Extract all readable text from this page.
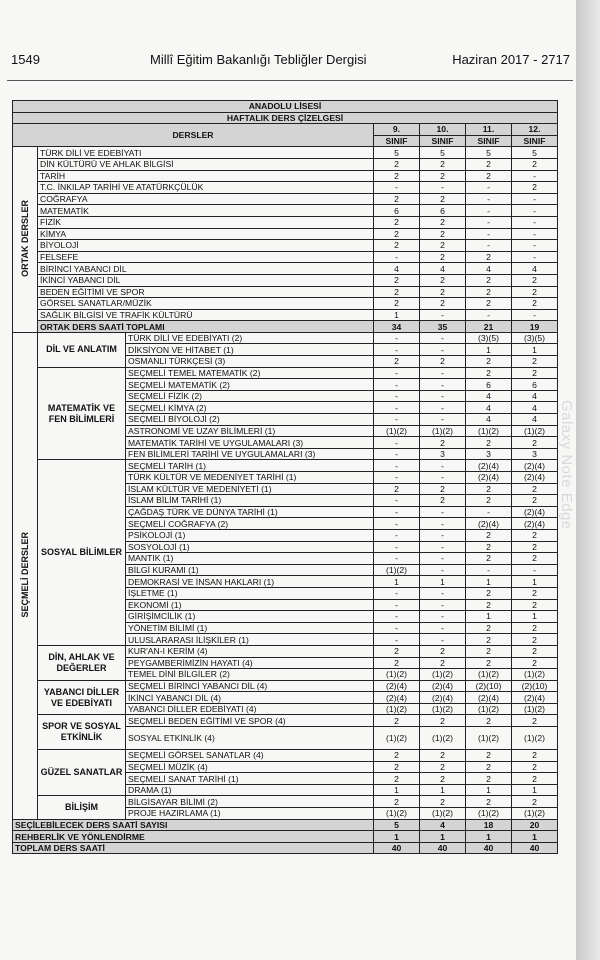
Galaxy Note Edge
1549	Millî Eğitim Bakanlığı Tebliğler Dergisi	Haziran 2017 - 2717
ANADOLU LİSESİ						
HAFTALIK DERS ÇİZELGESİ						
DERSLER			9.	10.	11.	12.
			SINIF	SINIF	SINIF	SINIF
ORTAK DERSLER	TÜRK DİLİ VE EDEBİYATI		5	5	5	5
	DİN KÜLTÜRÜ VE AHLAK BİLGİSİ		2	2	2	2
	TARİH		2	2	2	-
	T.C. İNKILAP TARİHİ VE ATATÜRKÇÜLÜK		-	-	-	2
	COĞRAFYA		2	2	-	-
	MATEMATİK		6	6	-	-
	FİZİK		2	2	-	-
	KİMYA		2	2	-	-
	BİYOLOJİ		2	2	-	-
	FELSEFE		-	2	2	-
	BİRİNCİ YABANCI DİL		4	4	4	4
	İKİNCİ YABANCI DİL		2	2	2	2
	BEDEN EĞİTİMİ VE SPOR		2	2	2	2
	GÖRSEL SANATLAR/MÜZİK		2	2	2	2
	SAĞLIK BİLGİSİ VE TRAFİK KÜLTÜRÜ		1	-	-	-
	ORTAK DERS SAATİ TOPLAMI		34	35	21	19
SEÇMELİ DERSLER	DİL VE ANLATIM	TÜRK DİLİ VE EDEBİYATI (2)	-	-	(3)(5)	(3)(5)
		DİKSİYON VE HİTABET (1)	-	-	1	1
		OSMANLI TÜRKÇESİ (3)	2	2	2	2
	MATEMATİK VE FEN BİLİMLERİ	SEÇMELİ TEMEL MATEMATİK (2)	-	-	2	2
		SEÇMELİ MATEMATİK (2)	-	-	6	6
		SEÇMELİ FİZİK (2)	-	-	4	4
		SEÇMELİ KİMYA (2)	-	-	4	4
		SEÇMELİ BİYOLOJİ (2)	-	-	4	4
		ASTRONOMİ VE UZAY BİLİMLERİ (1)	(1)(2)	(1)(2)	(1)(2)	(1)(2)
		MATEMATİK TARİHİ VE UYGULAMALARI (3)	-	2	2	2
		FEN BİLİMLERİ TARİHİ VE UYGULAMALARI (3)	-	3	3	3
	SOSYAL BİLİMLER	SEÇMELİ TARİH (1)	-	-	(2)(4)	(2)(4)
		TÜRK KÜLTÜR VE MEDENİYET TARİHİ (1)	-	-	(2)(4)	(2)(4)
		İSLAM KÜLTÜR VE MEDENİYETİ (1)	2	2	2	2
		İSLAM BİLİM TARİHİ (1)	-	2	2	2
		ÇAĞDAŞ TÜRK VE DÜNYA TARİHİ (1)	-	-	-	(2)(4)
		SEÇMELİ COĞRAFYA (2)	-	-	(2)(4)	(2)(4)
		PSİKOLOJİ (1)	-	-	2	2
		SOSYOLOJİ (1)	-	-	2	2
		MANTIK (1)	-	-	2	2
		BİLGİ KURAMI (1)	(1)(2)	-	-	-
		DEMOKRASİ VE İNSAN HAKLARI (1)	1	1	1	1
		İŞLETME (1)	-	-	2	2
		EKONOMİ (1)	-	-	2	2
		GİRİŞİMCİLİK (1)	-	-	1	1
		YÖNETİM BİLİMİ (1)	-	-	2	2
		ULUSLARARASI İLİŞKİLER (1)	-	-	2	2
	DİN, AHLAK VE DEĞERLER	KUR'AN-I KERİM (4)	2	2	2	2
		PEYGAMBERİMİZİN HAYATI (4)	2	2	2	2
		TEMEL DİNİ BİLGİLER (2)	(1)(2)	(1)(2)	(1)(2)	(1)(2)
	YABANCI DİLLER VE EDEBİYATI	SEÇMELİ BİRİNCİ YABANCI DİL (4)	(2)(4)	(2)(4)	(2)(10)	(2)(10)
		İKİNCİ YABANCI DİL (4)	(2)(4)	(2)(4)	(2)(4)	(2)(4)
		YABANCI DİLLER EDEBİYATI (4)	(1)(2)	(1)(2)	(1)(2)	(1)(2)
	SPOR VE SOSYAL ETKİNLİK	SEÇMELİ BEDEN EĞİTİMİ VE SPOR (4)	2	2	2	2
		SOSYAL ETKİNLİK (4)	(1)(2)	(1)(2)	(1)(2)	(1)(2)
	GÜZEL SANATLAR	SEÇMELİ GÖRSEL SANATLAR (4)	2	2	2	2
		SEÇMELİ MÜZİK (4)	2	2	2	2
		SEÇMELİ SANAT TARİHİ (1)	2	2	2	2
		DRAMA (1)	1	1	1	1
	BİLİŞİM	BİLGİSAYAR BİLİMİ (2)	2	2	2	2
		PROJE HAZIRLAMA (1)	(1)(2)	(1)(2)	(1)(2)	(1)(2)
SEÇİLEBİLECEK DERS SAATİ SAYISI			5	4	18	20
REHBERLİK VE YÖNLENDİRME			1	1	1	1
TOPLAM DERS SAATİ			40	40	40	40
